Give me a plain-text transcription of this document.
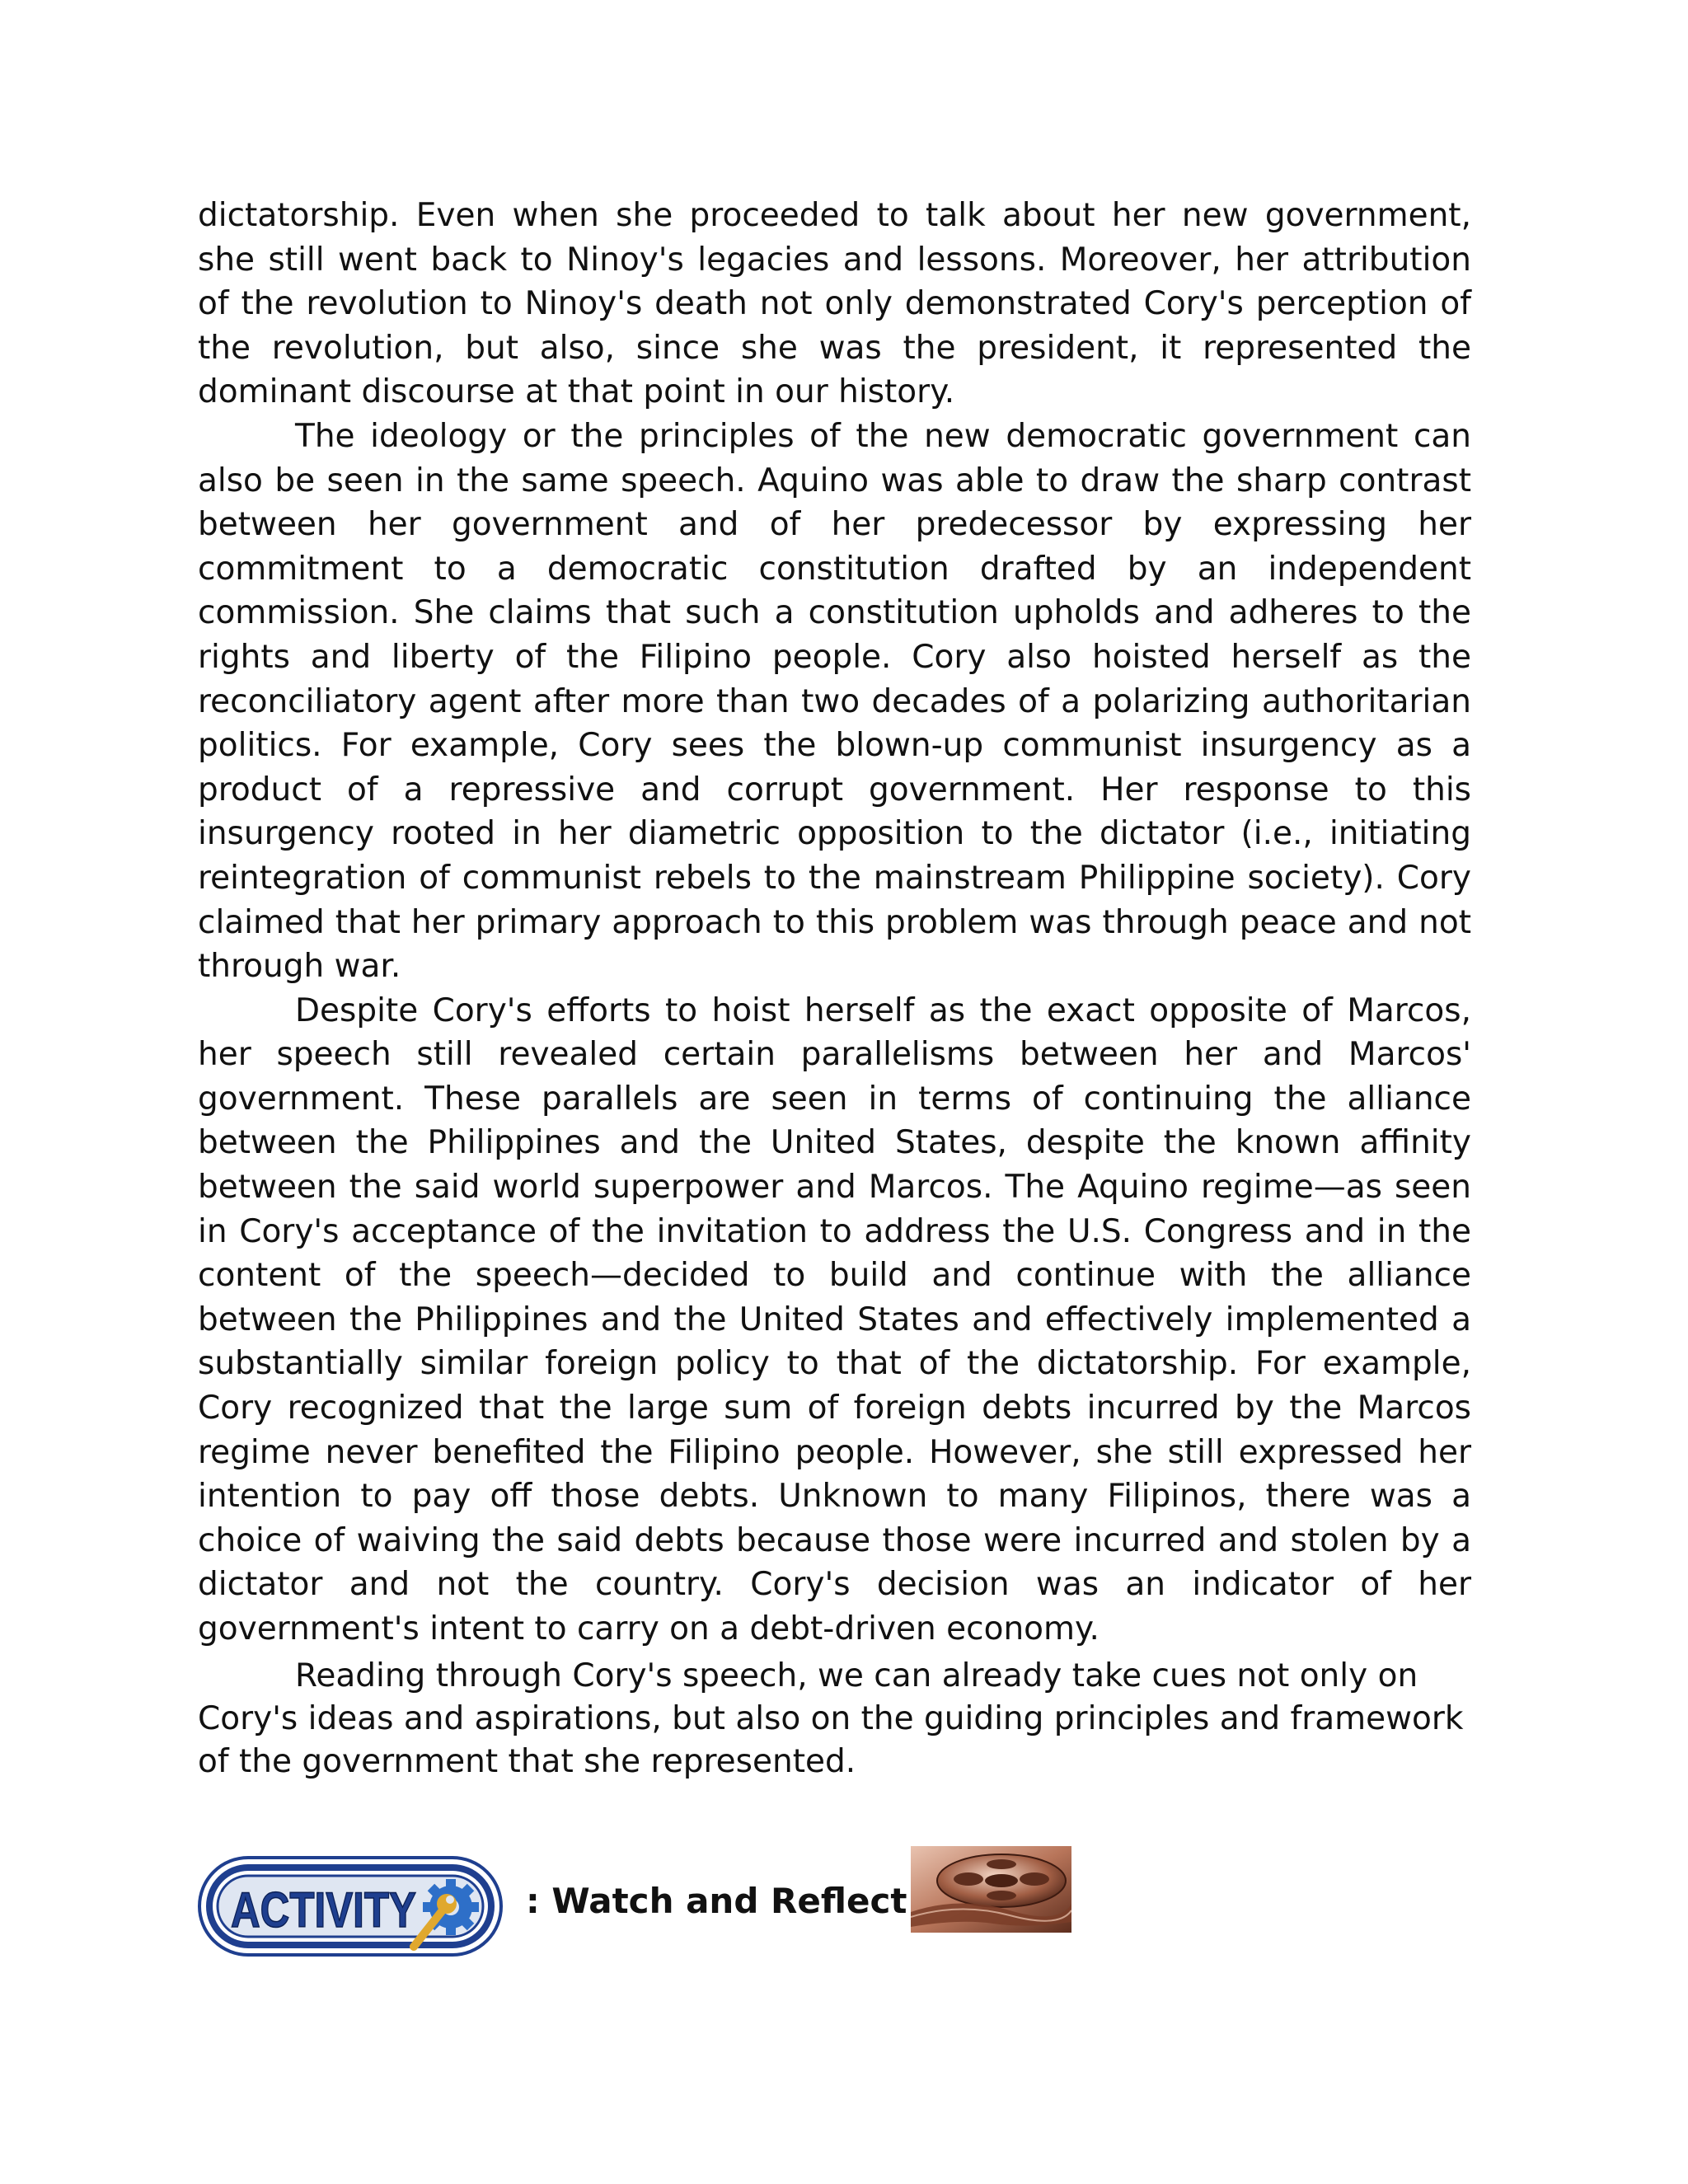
dictatorship. Even when she proceeded to talk about her new government, she still went back to Ninoy's legacies and lessons. Moreover, her attribution of the revolution to Ninoy's death not only demonstrated Cory's perception of the revolution, but also, since she was the president, it represented the dominant discourse at that point in our history.

The ideology or the principles of the new democratic government can also be seen in the same speech. Aquino was able to draw the sharp contrast between her government and of her predecessor by expressing her commitment to a democratic constitution drafted by an independent commission. She claims that such a constitution upholds and adheres to the rights and liberty of the Filipino people. Cory also hoisted herself as the reconciliatory agent after more than two decades of a polarizing authoritarian politics. For example, Cory sees the blown-up communist insurgency as a product of a repressive and corrupt government. Her response to this insurgency rooted in her diametric opposition to the dictator (i.e., initiating reintegration of communist rebels to the mainstream Philippine society). Cory claimed that her primary approach to this problem was through peace and not through war.

Despite Cory's efforts to hoist herself as the exact opposite of Marcos, her speech still revealed certain parallelisms between her and Marcos' government. These parallels are seen in terms of continuing the alliance between the Philippines and the United States, despite the known affinity between the said world superpower and Marcos. The Aquino regime—as seen in Cory's acceptance of the invitation to address the U.S. Congress and in the content of the speech—decided to build and continue with the alliance between the Philippines and the United States and effectively implemented a substantially similar foreign policy to that of the dictatorship. For example, Cory recognized that the large sum of foreign debts incurred by the Marcos regime never benefited the Filipino people. However, she still expressed her intention to pay off those debts. Unknown to many Filipinos, there was a choice of waiving the said debts because those were incurred and stolen by a dictator and not the country. Cory's decision was an indicator of her government's intent to carry on a debt-driven economy.

Reading through Cory's speech, we can already take cues not only on Cory's ideas and aspirations, but also on the guiding principles and framework of the government that she represented.

ACTIVITY	: Watch and Reflect
